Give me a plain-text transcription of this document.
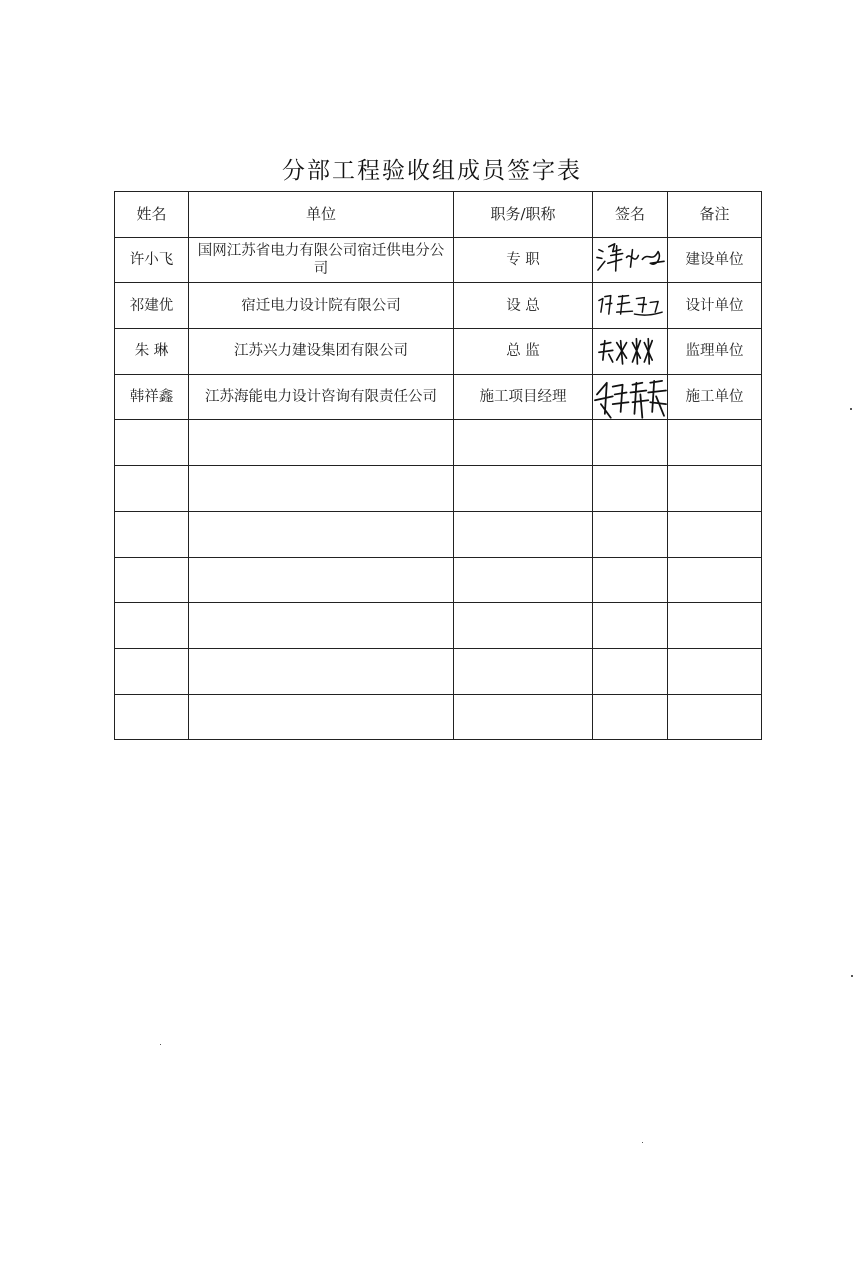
分部工程验收组成员签字表
姓名	单位	职务/职称	签名	备注
许小飞	国网江苏省电力有限公司宿迁供电分公司	专 职		建设单位
祁建优	宿迁电力设计院有限公司	设 总		设计单位
朱 琳	江苏兴力建设集团有限公司	总 监		监理单位
韩祥鑫	江苏海能电力设计咨询有限责任公司	施工项目经理		施工单位
